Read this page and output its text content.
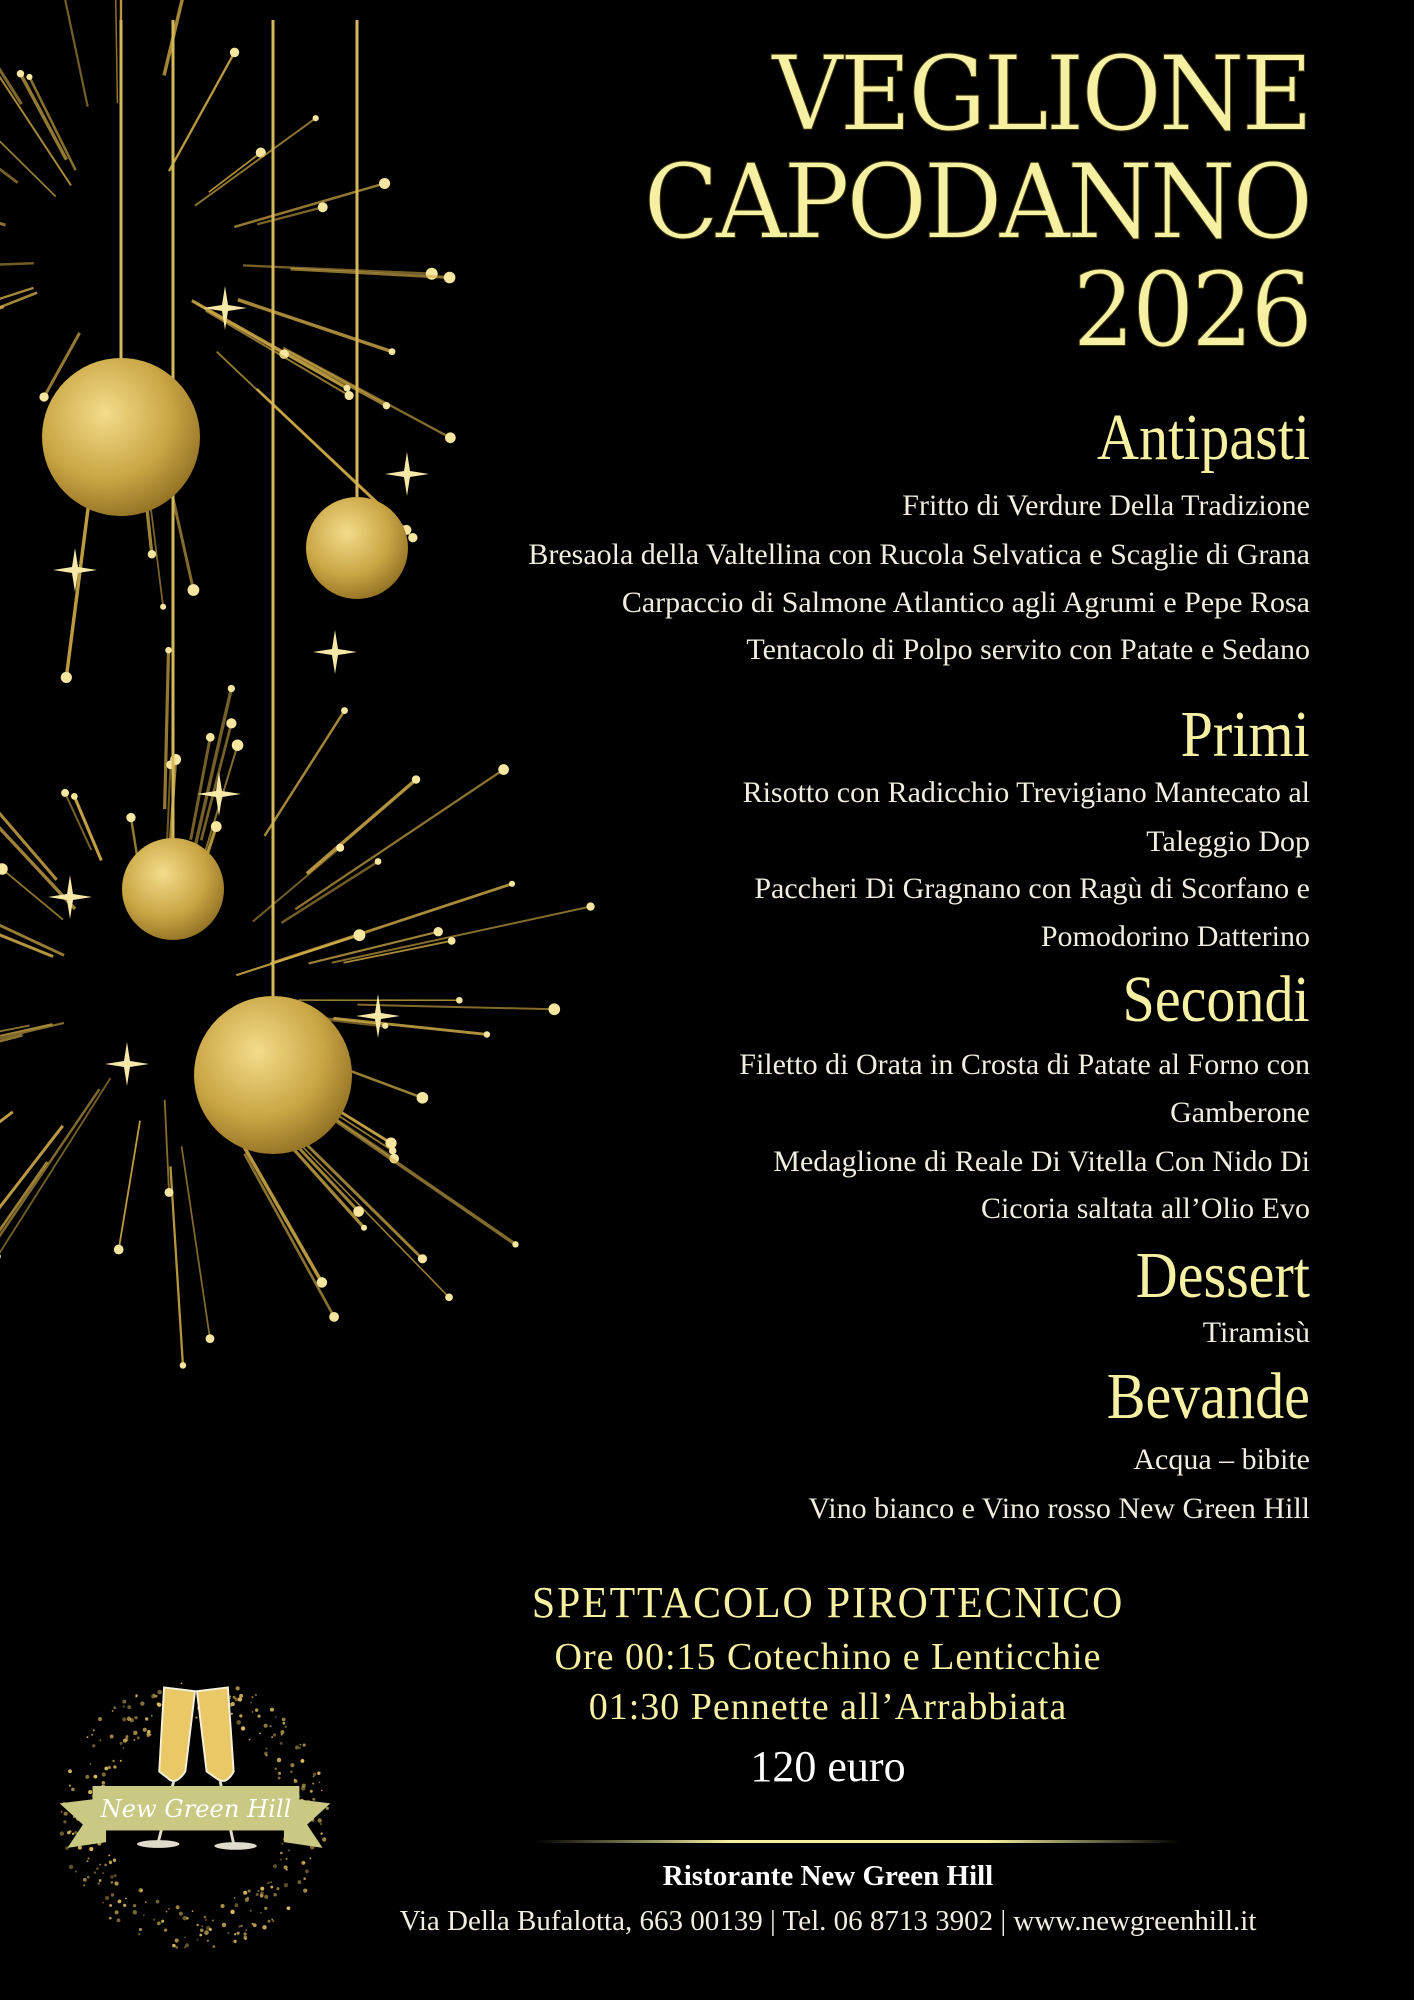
VEGLIONE
CAPODANNO
2026
Antipasti
Fritto di Verdure Della Tradizione
Bresaola della Valtellina con Rucola Selvatica e Scaglie di Grana
Carpaccio di Salmone Atlantico agli Agrumi e Pepe Rosa
Tentacolo di Polpo servito con Patate e Sedano
Primi
Risotto con Radicchio Trevigiano Mantecato al
Taleggio Dop
Paccheri Di Gragnano con Ragù di Scorfano e
Pomodorino Datterino
Secondi
Filetto di Orata in Crosta di Patate al Forno con
Gamberone
Medaglione di Reale Di Vitella Con Nido Di
Cicoria saltata all’Olio Evo
Dessert
Tiramisù
Bevande
Acqua – bibite
Vino bianco e Vino rosso New Green Hill
SPETTACOLO PIROTECNICO
Ore 00:15 Cotechino e Lenticchie
01:30 Pennette all’Arrabbiata
120 euro
Ristorante New Green Hill
Via Della Bufalotta, 663 00139 | Tel. 06 8713 3902 | www.newgreenhill.it
New Green Hill
